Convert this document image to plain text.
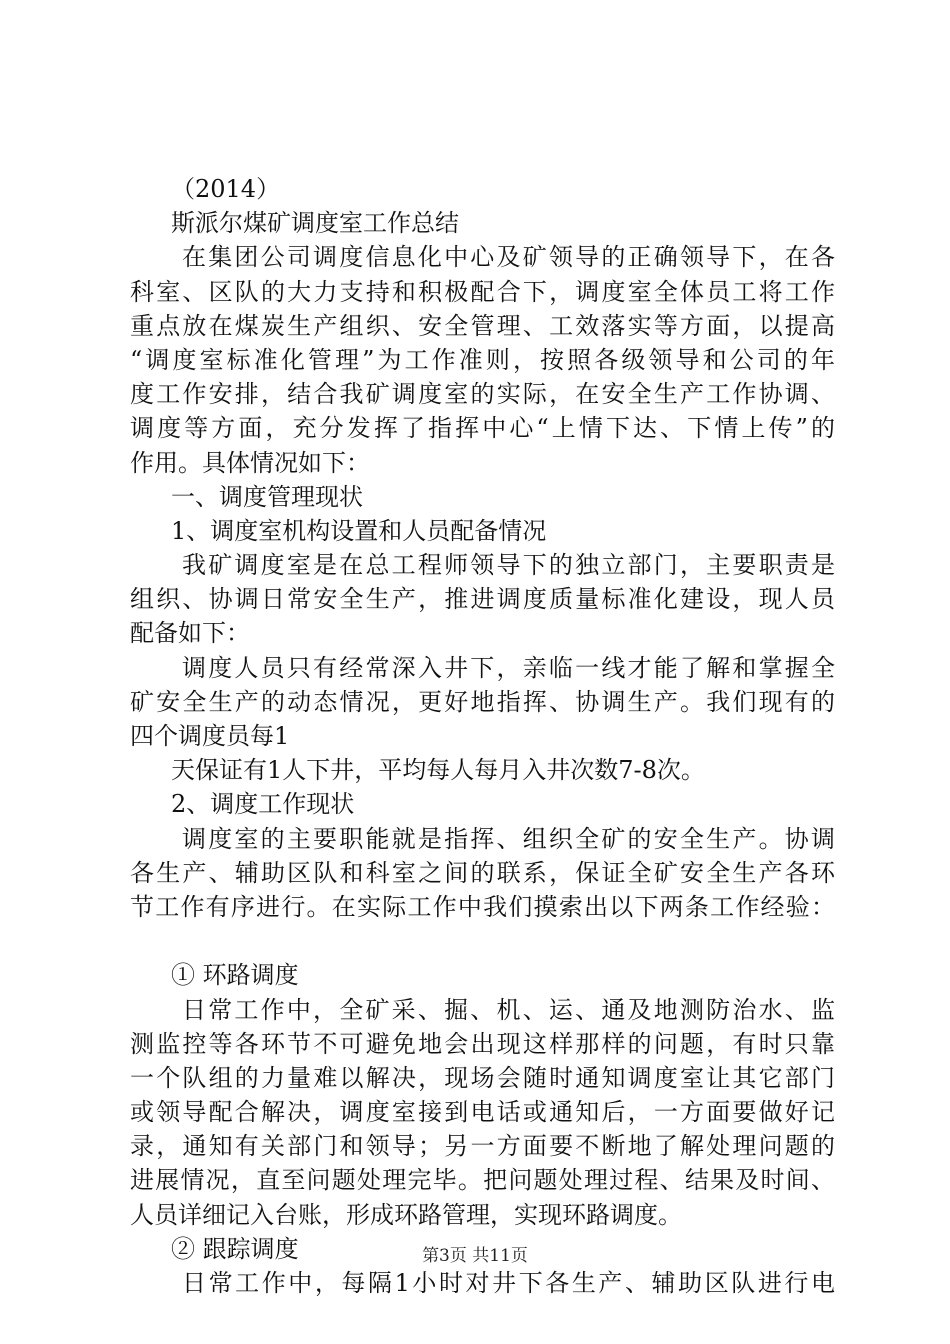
（2014）
斯派尔煤矿调度室工作总结
在集团公司调度信息化中心及矿领导的正确领导下，在各
科室、区队的大力支持和积极配合下，调度室全体员工将工作
重点放在煤炭生产组织、安全管理、工效落实等方面，以提高
“调度室标准化管理”为工作准则，按照各级领导和公司的年
度工作安排，结合我矿调度室的实际，在安全生产工作协调、
调度等方面，充分发挥了指挥中心“上情下达、下情上传”的
作用。具体情况如下：
一、调度管理现状
1、调度室机构设置和人员配备情况
我矿调度室是在总工程师领导下的独立部门，主要职责是
组织、协调日常安全生产，推进调度质量标准化建设，现人员
配备如下：
调度人员只有经常深入井下，亲临一线才能了解和掌握全
矿安全生产的动态情况，更好地指挥、协调生产。我们现有的
四个调度员每1
天保证有1人下井，平均每人每月入井次数7-8次。
2、调度工作现状
调度室的主要职能就是指挥、组织全矿的安全生产。协调
各生产、辅助区队和科室之间的联系，保证全矿安全生产各环
节工作有序进行。在实际工作中我们摸索出以下两条工作经验：
① 环路调度
日常工作中，全矿采、掘、机、运、通及地测防治水、监
测监控等各环节不可避免地会出现这样那样的问题，有时只靠
一个队组的力量难以解决，现场会随时通知调度室让其它部门
或领导配合解决，调度室接到电话或通知后，一方面要做好记
录，通知有关部门和领导；另一方面要不断地了解处理问题的
进展情况，直至问题处理完毕。把问题处理过程、结果及时间、
人员详细记入台账，形成环路管理，实现环路调度。
② 跟踪调度
日常工作中，每隔1小时对井下各生产、辅助区队进行电
第3页 共11页
